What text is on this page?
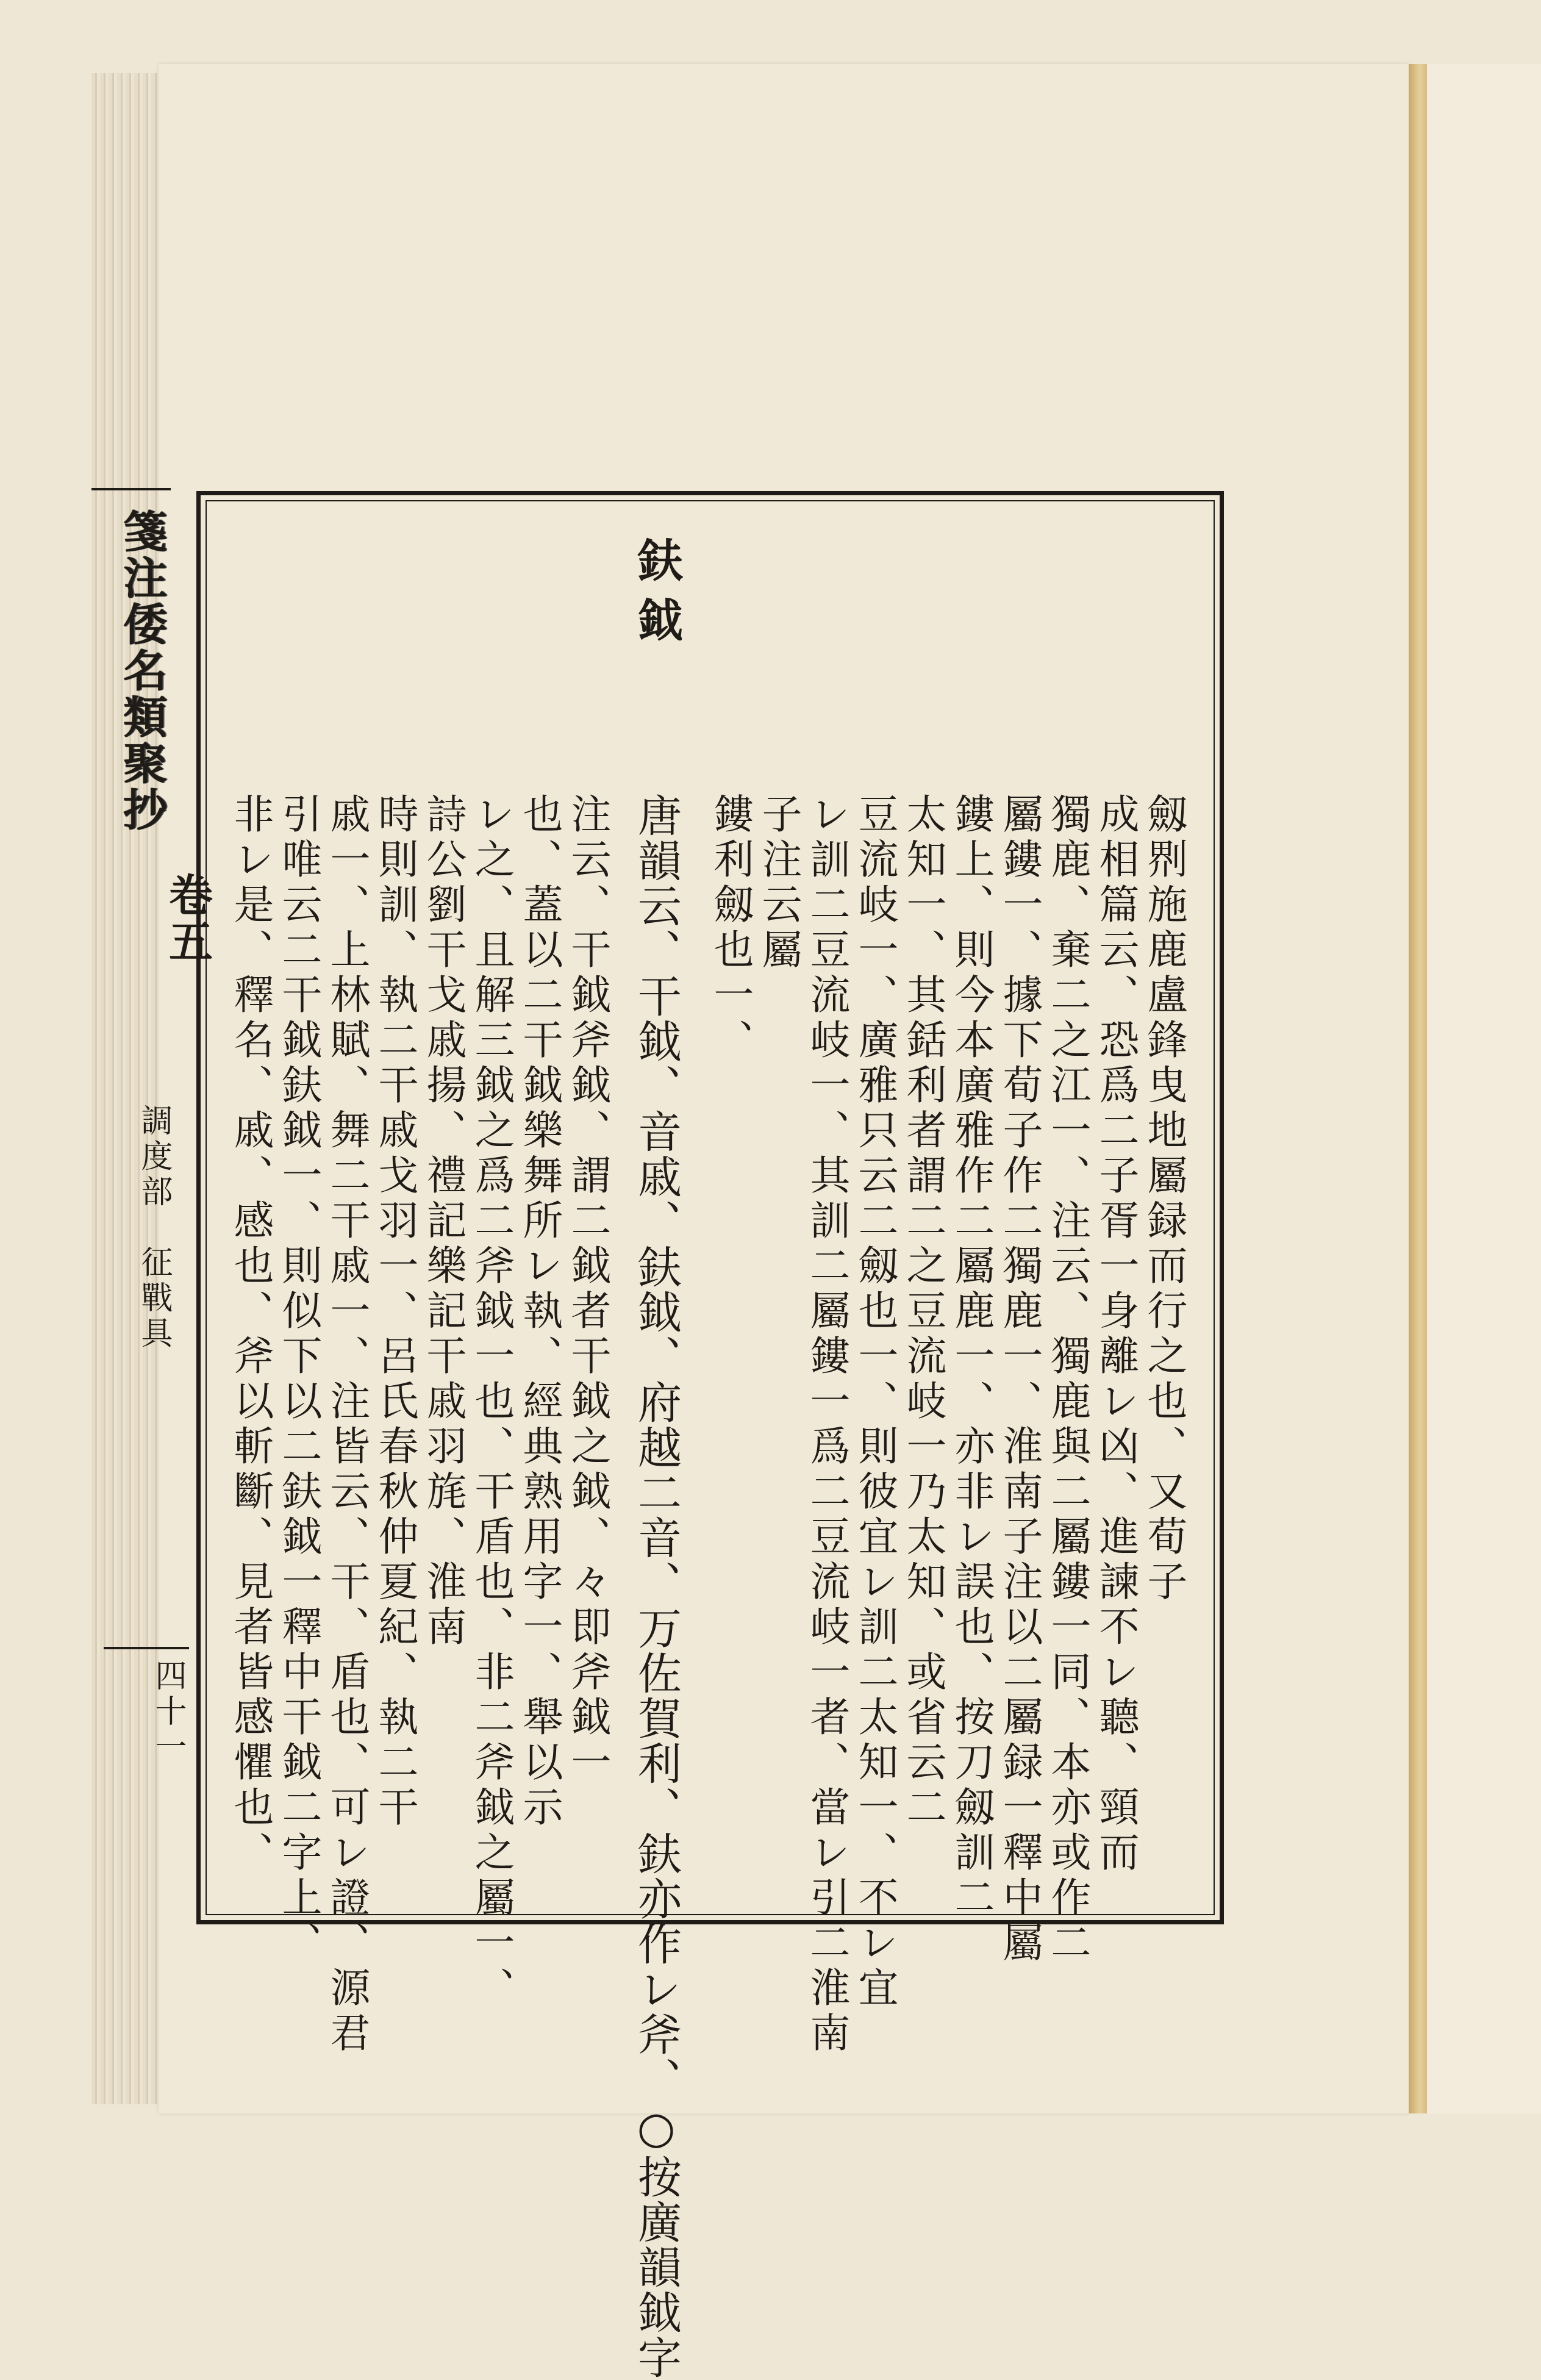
箋注倭名類聚抄
卷五
調度部　征戰具
四十一
劔𠝹施鹿盧鋒曳地屬録而行之也、又荀子
成相篇云、恐爲二子胥一身離レ凶、進諫不レ聽、頸而
獨鹿、棄二之江一、注云、獨鹿與二屬鏤一同、本亦或作二
屬鏤一、據下荀子作二獨鹿一、淮南子注以二屬録一釋中屬
鏤上、則今本廣雅作二屬鹿一、亦非レ誤也、按刀劔訓二
太知一、其銛利者謂二之豆流岐一乃太知、或省云二
豆流岐一、廣雅只云二劔也一、則彼宜レ訓二太知一、不レ宜
レ訓二豆流岐一、其訓二屬鏤一爲二豆流岐一者、當レ引二淮南
子注云屬
鏤利劔也一、
鈇鉞
唐韻云、干鉞、音戚、鈇鉞、府越二音、万佐賀利、鈇亦作レ斧、○按廣韻鉞字
注云、干鉞斧鉞、謂二鉞者干鉞之鉞、々即斧鉞一
也、蓋以二干鉞樂舞所レ執、經典熟用字一、舉以示
レ之、且解三鉞之爲二斧鉞一也、干盾也、非二斧鉞之屬一、
詩公劉干戈戚揚、禮記樂記干戚羽旄、淮南
時則訓、執二干戚戈羽一、呂氏春秋仲夏紀、執二干
戚一、上林賦、舞二干戚一、注皆云、干、盾也、可レ證、源君
引唯云二干鉞鈇鉞一、則似下以二鈇鉞一釋中干鉞二字上、
非レ是、釋名、戚、感也、斧以斬斷、見者皆感懼也、
